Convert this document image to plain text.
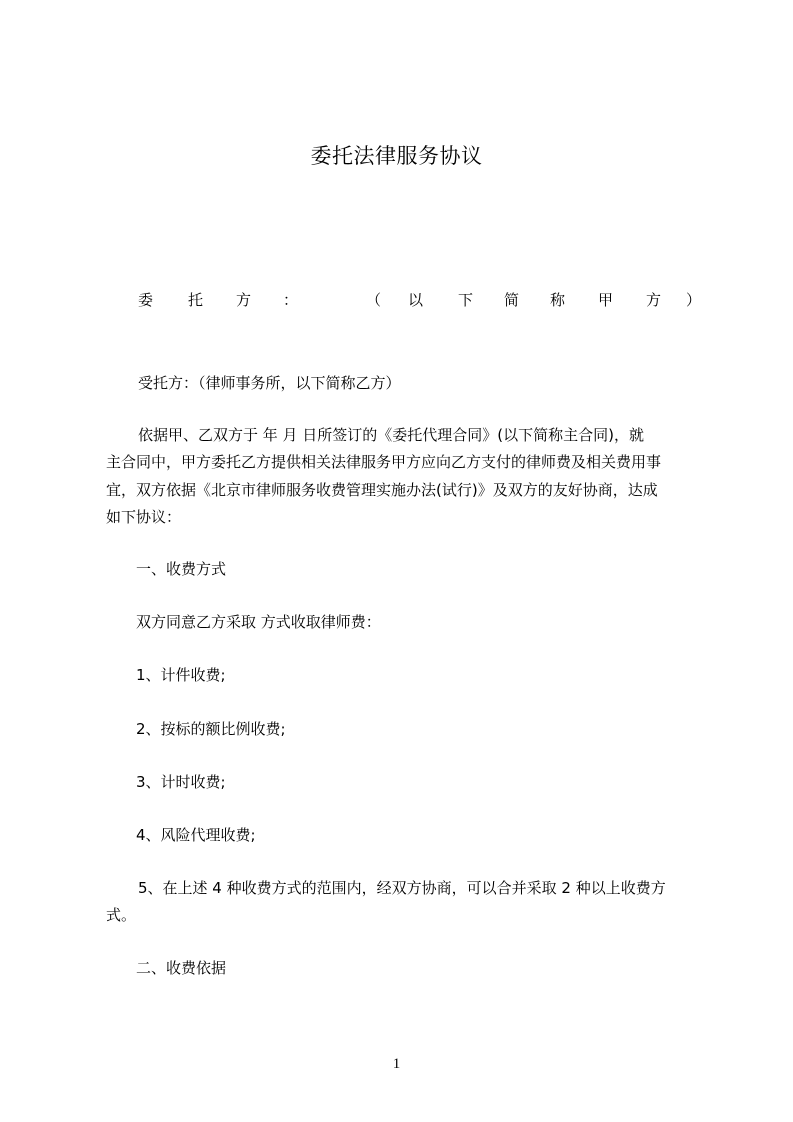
委托法律服务协议
委 托 方 ：	（ 以 下 简 称 甲 方 ）
受托方：（律师事务所，以下简称乙方）
依据甲、乙双方于 年 月 日所签订的《委托代理合同》(以下简称主合同)，就
主合同中，甲方委托乙方提供相关法律服务甲方应向乙方支付的律师费及相关费用事
宜，双方依据《北京市律师服务收费管理实施办法(试行)》及双方的友好协商，达成
如下协议：
一、收费方式
双方同意乙方采取 方式收取律师费：
1、计件收费;
2、按标的额比例收费;
3、计时收费;
4、风险代理收费;
5、在上述 4 种收费方式的范围内，经双方协商，可以合并采取 2 种以上收费方
式。
二、收费依据
1
